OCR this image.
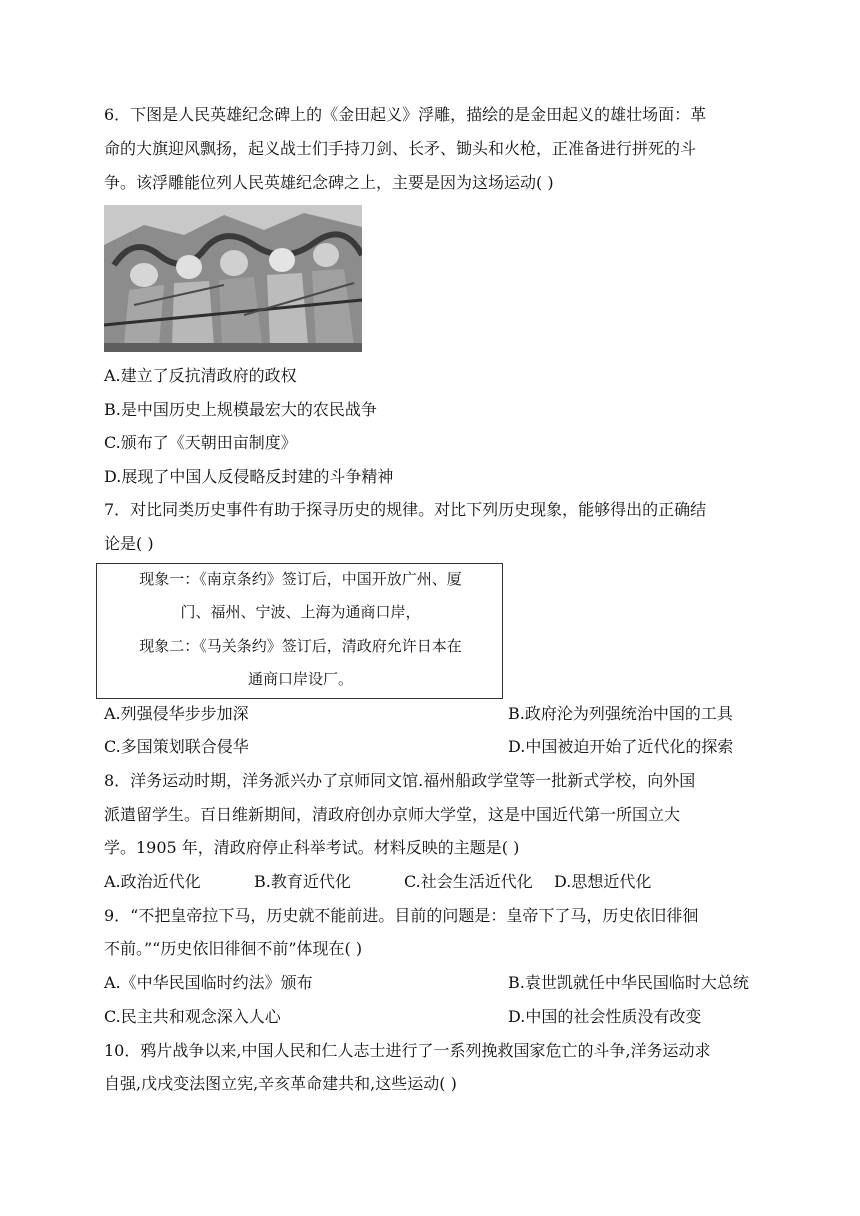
6．下图是人民英雄纪念碑上的《金田起义》浮雕，描绘的是金田起义的雄壮场面：革
命的大旗迎风飘扬，起义战士们手持刀剑、长矛、锄头和火枪，正准备进行拼死的斗
争。该浮雕能位列人民英雄纪念碑之上，主要是因为这场运动( )
A.建立了反抗清政府的政权
B.是中国历史上规模最宏大的农民战争
C.颁布了《天朝田亩制度》
D.展现了中国人反侵略反封建的斗争精神
7．对比同类历史事件有助于探寻历史的规律。对比下列历史现象，能够得出的正确结
论是( )
现象一：《南京条约》签订后，中国开放广州、厦
门、福州、宁波、上海为通商口岸，
现象二：《马关条约》签订后，清政府允许日本在
通商口岸设厂。
A.列强侵华步步加深	B.政府沦为列强统治中国的工具
C.多国策划联合侵华	D.中国被迫开始了近代化的探索
8．洋务运动时期，洋务派兴办了京师同文馆.福州船政学堂等一批新式学校，向外国
派遣留学生。百日维新期间，清政府创办京师大学堂，这是中国近代第一所国立大
学。1905 年，清政府停止科举考试。材料反映的主题是( )
A.政治近代化	B.教育近代化	C.社会生活近代化 D.思想近代化
9．“不把皇帝拉下马，历史就不能前进。目前的问题是：皇帝下了马，历史依旧徘徊
不前。”“历史依旧徘徊不前”体现在( )
A.《中华民国临时约法》颁布	B.袁世凯就任中华民国临时大总统
C.民主共和观念深入人心	D.中国的社会性质没有改变
10．鸦片战争以来,中国人民和仁人志士进行了一系列挽救国家危亡的斗争,洋务运动求
自强,戊戌变法图立宪,辛亥革命建共和,这些运动( )
